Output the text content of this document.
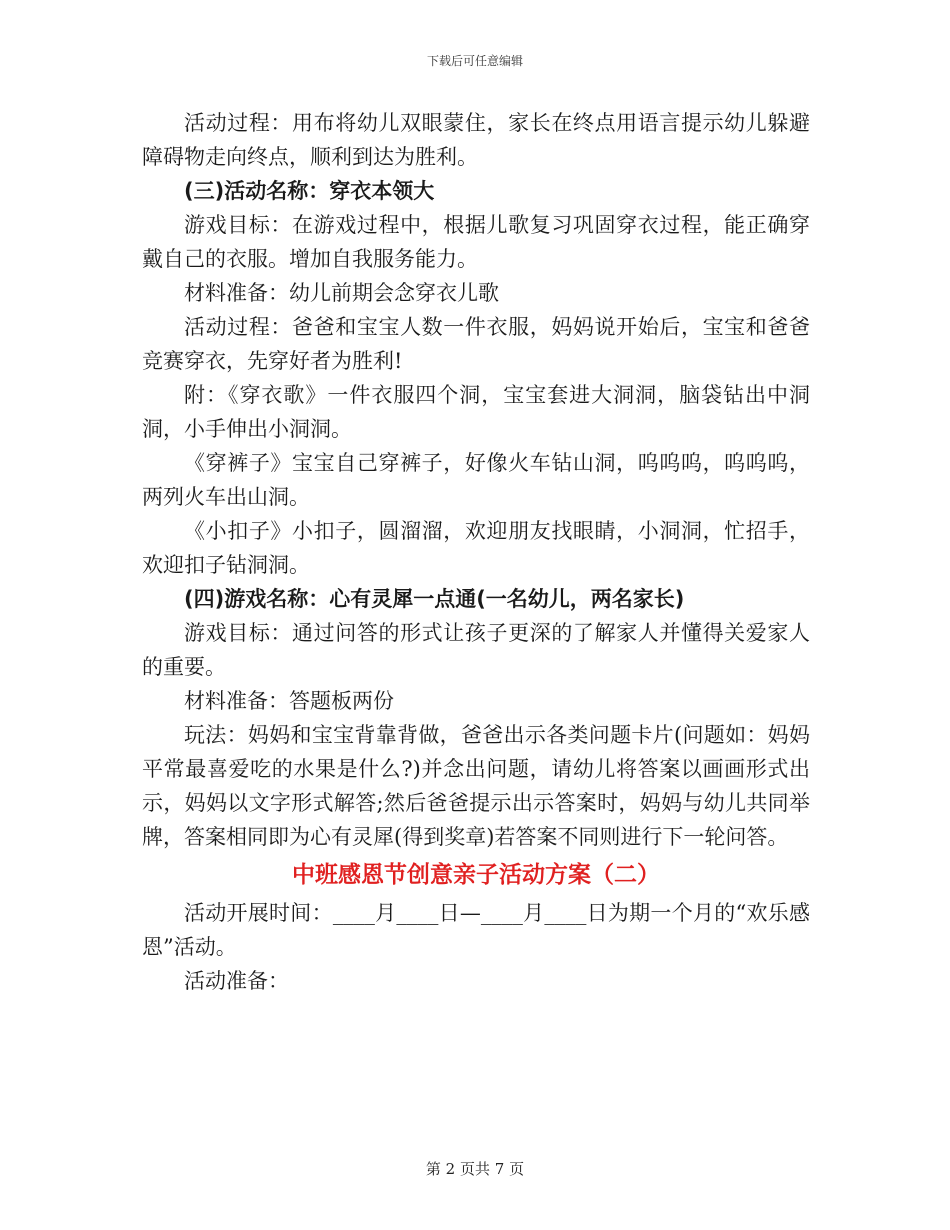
下载后可任意编辑

活动过程：用布将幼儿双眼蒙住，家长在终点用语言提示幼儿躲避障碍物走向终点，顺利到达为胜利。

(三)活动名称：穿衣本领大

游戏目标：在游戏过程中，根据儿歌复习巩固穿衣过程，能正确穿戴自己的衣服。增加自我服务能力。

材料准备：幼儿前期会念穿衣儿歌

活动过程：爸爸和宝宝人数一件衣服，妈妈说开始后，宝宝和爸爸竞赛穿衣，先穿好者为胜利!

附：《穿衣歌》一件衣服四个洞，宝宝套进大洞洞，脑袋钻出中洞洞，小手伸出小洞洞。

《穿裤子》宝宝自己穿裤子，好像火车钻山洞，呜呜呜，呜呜呜，两列火车出山洞。

《小扣子》小扣子，圆溜溜，欢迎朋友找眼睛，小洞洞，忙招手，欢迎扣子钻洞洞。

(四)游戏名称：心有灵犀一点通(一名幼儿，两名家长)

游戏目标：通过问答的形式让孩子更深的了解家人并懂得关爱家人的重要。

材料准备：答题板两份

玩法：妈妈和宝宝背靠背做，爸爸出示各类问题卡片(问题如：妈妈平常最喜爱吃的水果是什么?)并念出问题，请幼儿将答案以画画形式出示，妈妈以文字形式解答;然后爸爸提示出示答案时，妈妈与幼儿共同举牌，答案相同即为心有灵犀(得到奖章)若答案不同则进行下一轮问答。

中班感恩节创意亲子活动方案（二）

活动开展时间：____月____日—____月____日为期一个月的“欢乐感恩”活动。

活动准备：

第 2 页共 7 页
